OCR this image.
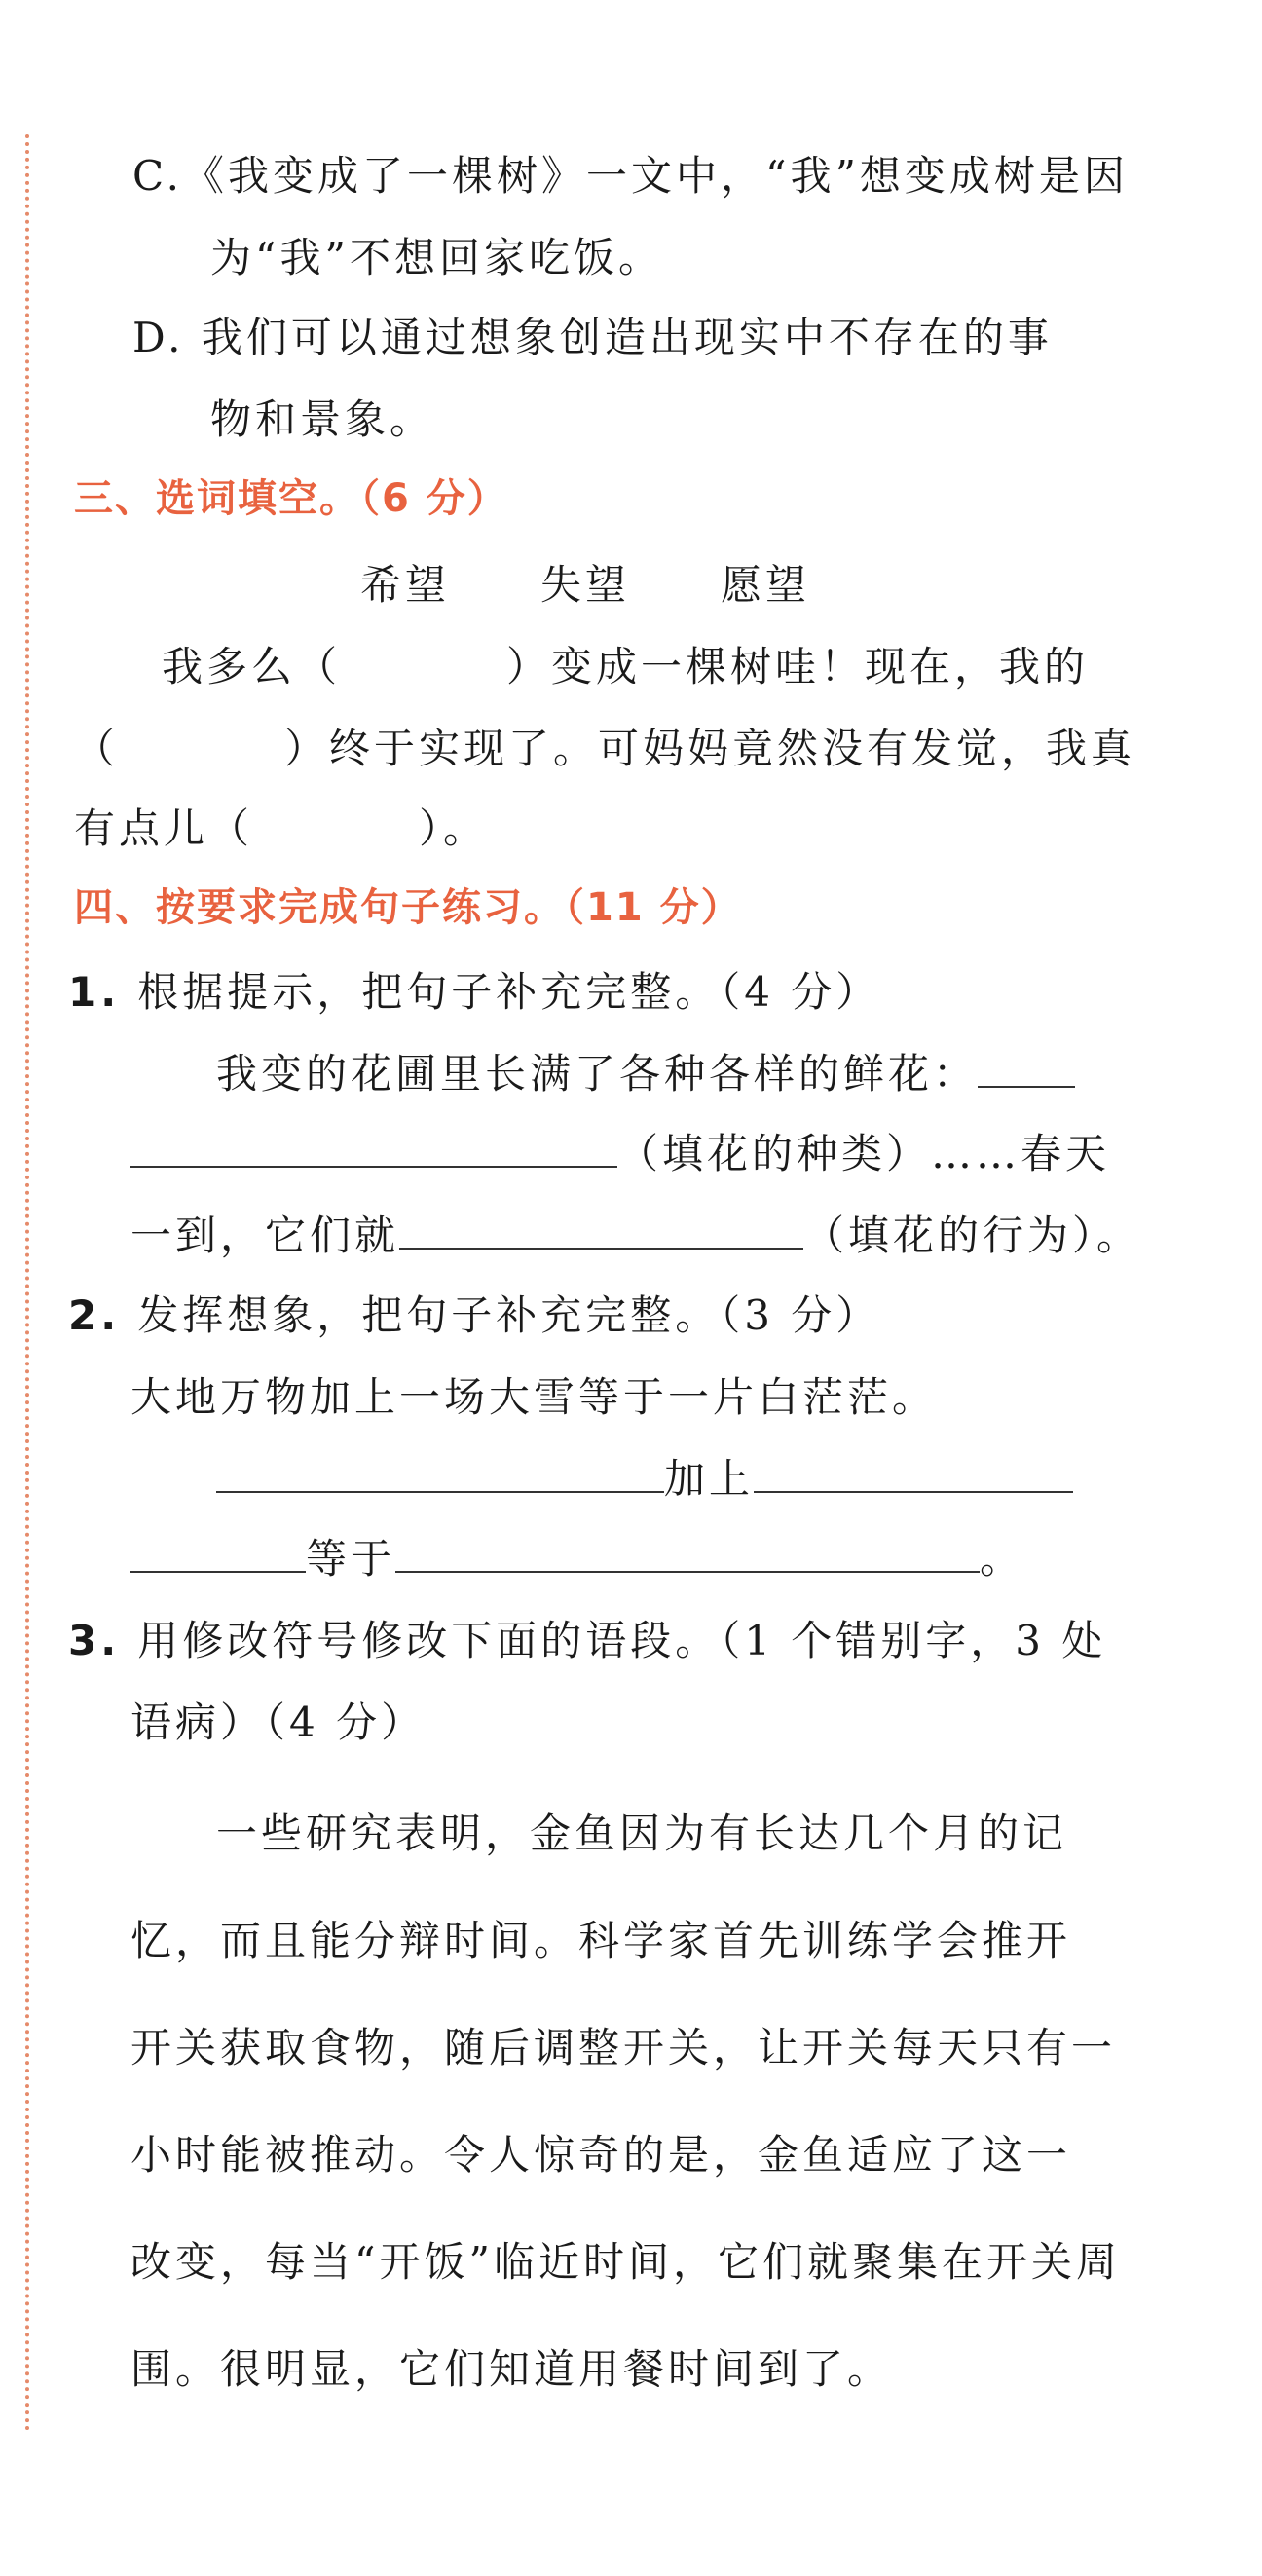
C.《我变成了一棵树》一文中，“我”想变成树是因
为“我”不想回家吃饭。
D. 我们可以通过想象创造出现实中不存在的事
物和景象。
三、选词填空。（6 分）
希望 失望 愿望
我多么（	）变成一棵树哇！现在，我的
（	）终于实现了。可妈妈竟然没有发觉，我真
有点儿（	）。
四、按要求完成句子练习。（11 分）
1. 根据提示，把句子补充完整。（4 分）
我变的花圃里长满了各种各样的鲜花：
（填花的种类）……春天
一到，它们就	（填花的行为）。
2. 发挥想象，把句子补充完整。（3 分）
大地万物加上一场大雪等于一片白茫茫。
加上
等于	。
3. 用修改符号修改下面的语段。（1 个错别字，3 处
语病）（4 分）
一些研究表明，金鱼因为有长达几个月的记
忆，而且能分辩时间。科学家首先训练学会推开
开关获取食物，随后调整开关，让开关每天只有一
小时能被推动。令人惊奇的是，金鱼适应了这一
改变，每当“开饭”临近时间，它们就聚集在开关周
围。很明显，它们知道用餐时间到了。
